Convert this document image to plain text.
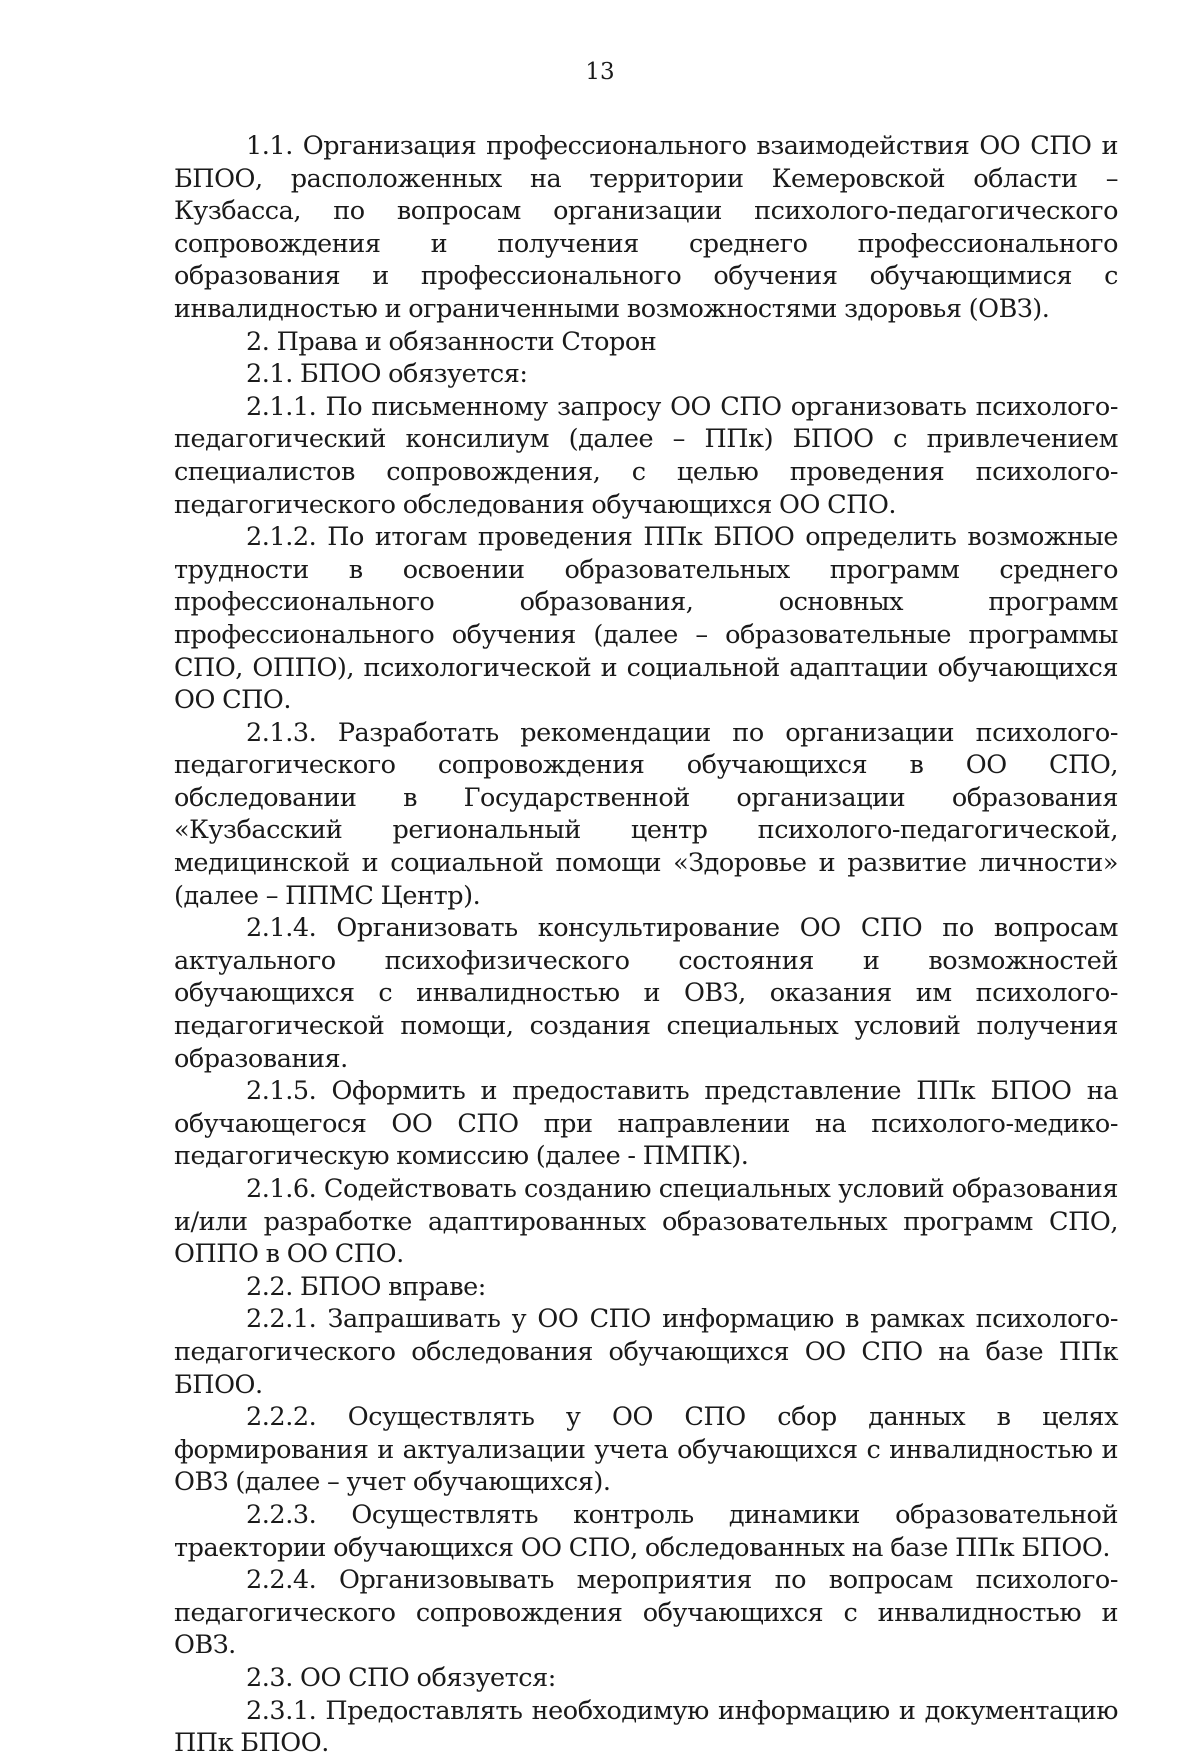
13

1.1. Организация профессионального взаимодействия ОО СПО и БПОО, расположенных на территории Кемеровской области – Кузбасса, по вопросам организации психолого-педагогического сопровождения и получения среднего профессионального образования и профессионального обучения обучающимися с инвалидностью и ограниченными возможностями здоровья (ОВЗ).

2. Права и обязанности Сторон

2.1. БПОО обязуется:

2.1.1. По письменному запросу ОО СПО организовать психолого-педагогический консилиум (далее – ППк) БПОО с привлечением специалистов сопровождения, с целью проведения психолого-педагогического обследования обучающихся ОО СПО.

2.1.2. По итогам проведения ППк БПОО определить возможные трудности в освоении образовательных программ среднего профессионального образования, основных программ профессионального обучения (далее – образовательные программы СПО, ОППО), психологической и социальной адаптации обучающихся ОО СПО.

2.1.3. Разработать рекомендации по организации психолого-педагогического сопровождения обучающихся в ОО СПО, обследовании в Государственной организации образования «Кузбасский региональный центр психолого-педагогической, медицинской и социальной помощи «Здоровье и развитие личности» (далее – ППМС Центр).

2.1.4. Организовать консультирование ОО СПО по вопросам актуального психофизического состояния и возможностей обучающихся с инвалидностью и ОВЗ, оказания им психолого-педагогической помощи, создания специальных условий получения образования.

2.1.5. Оформить и предоставить представление ППк БПОО на обучающегося ОО СПО при направлении на психолого-медико-педагогическую комиссию (далее - ПМПК).

2.1.6. Содействовать созданию специальных условий образования и/или разработке адаптированных образовательных программ СПО, ОППО в ОО СПО.

2.2. БПОО вправе:

2.2.1. Запрашивать у ОО СПО информацию в рамках психолого-педагогического обследования обучающихся ОО СПО на базе ППк БПОО.

2.2.2. Осуществлять у ОО СПО сбор данных в целях формирования и актуализации учета обучающихся с инвалидностью и ОВЗ (далее – учет обучающихся).

2.2.3. Осуществлять контроль динамики образовательной траектории обучающихся ОО СПО, обследованных на базе ППк БПОО.

2.2.4. Организовывать мероприятия по вопросам психолого-педагогического сопровождения обучающихся с инвалидностью и ОВЗ.

2.3. ОО СПО обязуется:

2.3.1. Предоставлять необходимую информацию и документацию ППк БПОО.
